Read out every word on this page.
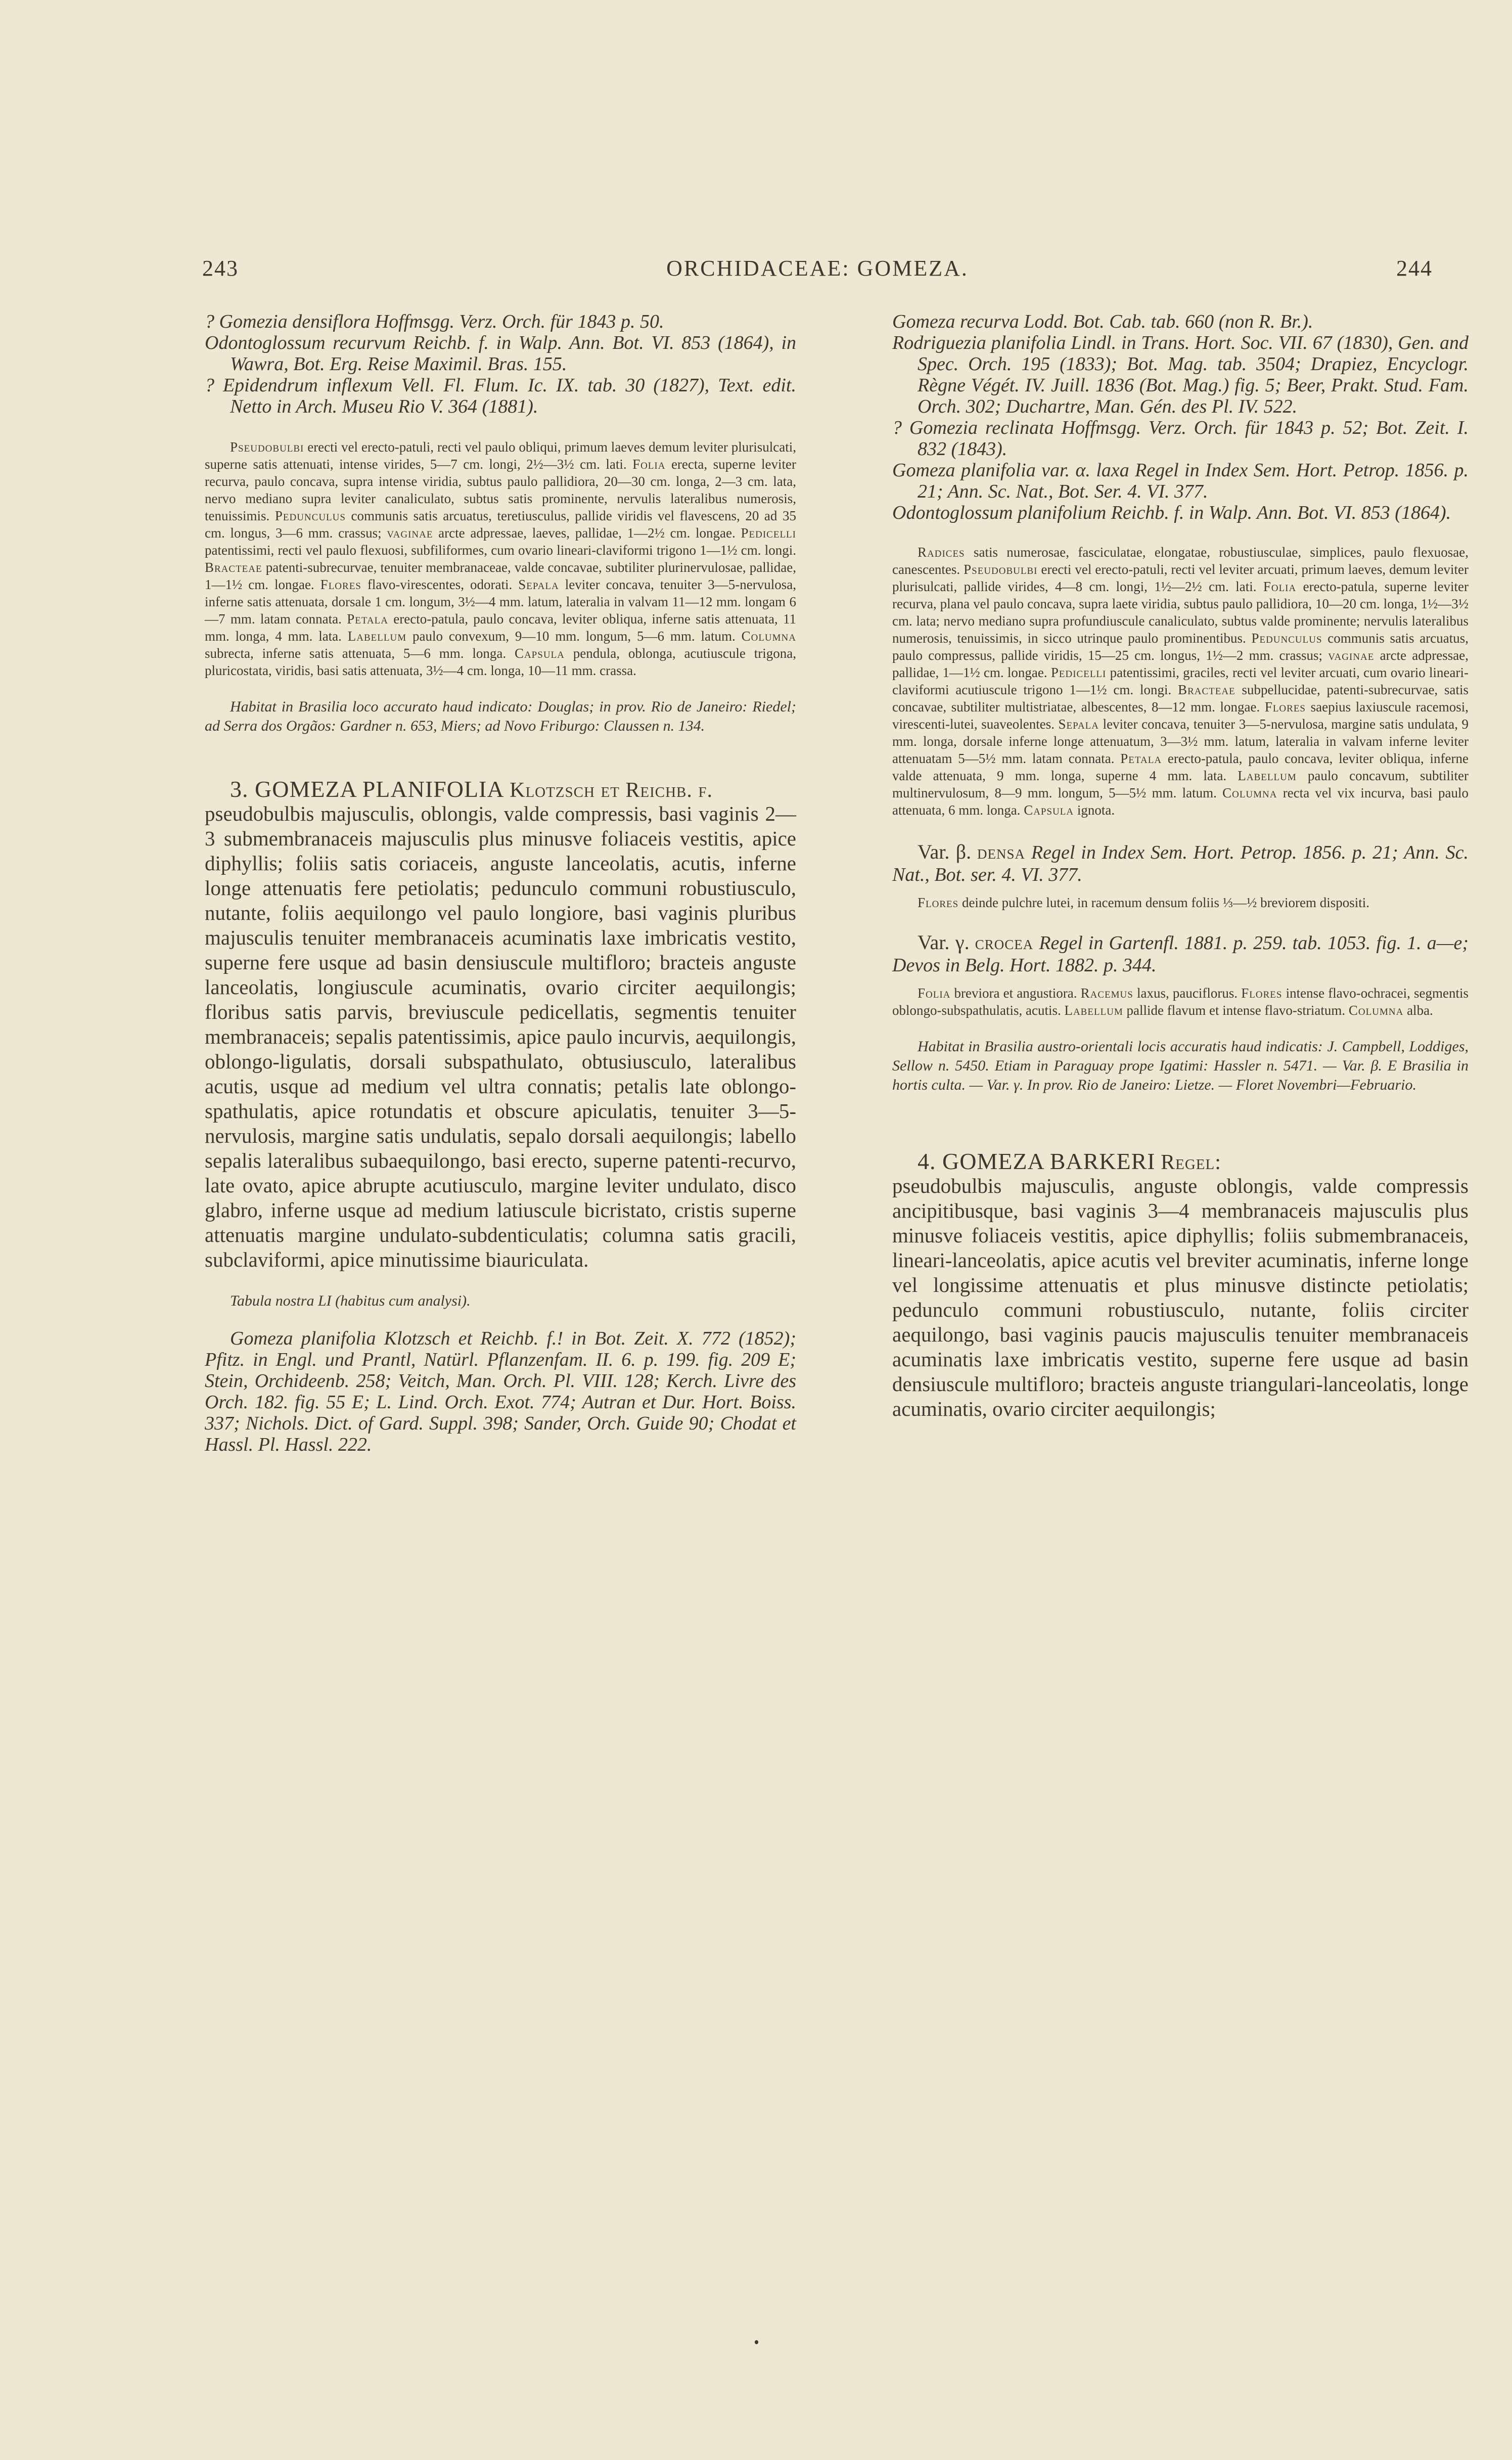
243	ORCHIDACEAE: GOMEZA.	244
? Gomezia densiflora Hoffmsgg. Verz. Orch. für 1843 p. 50.
Odontoglossum recurvum Reichb. f. in Walp. Ann. Bot. VI. 853 (1864), in Wawra, Bot. Erg. Reise Maximil. Bras. 155.
? Epidendrum inflexum Vell. Fl. Flum. Ic. IX. tab. 30 (1827), Text. edit. Netto in Arch. Museu Rio V. 364 (1881).

Pseudobulbi erecti vel erecto-patuli, recti vel paulo obliqui, primum laeves demum leviter plurisulcati, superne satis attenuati, intense virides, 5—7 cm. longi, 2½—3½ cm. lati. Folia erecta, superne leviter recurva, paulo concava, supra intense viridia, subtus paulo pallidiora, 20—30 cm. longa, 2—3 cm. lata, nervo mediano supra leviter canaliculato, subtus satis prominente, nervulis lateralibus numerosis, tenuissimis. Pedunculus communis satis arcuatus, teretiusculus, pallide viridis vel flavescens, 20 ad 35 cm. longus, 3—6 mm. crassus; vaginae arcte adpressae, laeves, pallidae, 1—2½ cm. longae. Pedicelli patentissimi, recti vel paulo flexuosi, subfiliformes, cum ovario lineari-claviformi trigono 1—1½ cm. longi. Bracteae patenti-subrecurvae, tenuiter membranaceae, valde concavae, subtiliter plurinervulosae, pallidae, 1—1½ cm. longae. Flores flavo-virescentes, odorati. Sepala leviter concava, tenuiter 3—5-nervulosa, inferne satis attenuata, dorsale 1 cm. longum, 3½—4 mm. latum, lateralia in valvam 11—12 mm. longam 6—7 mm. latam connata. Petala erecto-patula, paulo concava, leviter obliqua, inferne satis attenuata, 11 mm. longa, 4 mm. lata. Labellum paulo convexum, 9—10 mm. longum, 5—6 mm. latum. Columna subrecta, inferne satis attenuata, 5—6 mm. longa. Capsula pendula, oblonga, acutiuscule trigona, pluricostata, viridis, basi satis attenuata, 3½—4 cm. longa, 10—11 mm. crassa.

Habitat in Brasilia loco accurato haud indicato: Douglas; in prov. Rio de Janeiro: Riedel; ad Serra dos Orgãos: Gardner n. 653, Miers; ad Novo Friburgo: Claussen n. 134.

3. GOMEZA PLANIFOLIA Klotzsch et Reichb. f.

pseudobulbis majusculis, oblongis, valde compressis, basi vaginis 2—3 submembranaceis majusculis plus minusve foliaceis vestitis, apice diphyllis; foliis satis coriaceis, anguste lanceolatis, acutis, inferne longe attenuatis fere petiolatis; pedunculo communi robustiusculo, nutante, foliis aequilongo vel paulo longiore, basi vaginis pluribus majusculis tenuiter membranaceis acuminatis laxe imbricatis vestito, superne fere usque ad basin densiuscule multifloro; bracteis anguste lanceolatis, longiuscule acuminatis, ovario circiter aequilongis; floribus satis parvis, breviuscule pedicellatis, segmentis tenuiter membranaceis; sepalis patentissimis, apice paulo incurvis, aequilongis, oblongo-ligulatis, dorsali subspathulato, obtusiusculo, lateralibus acutis, usque ad medium vel ultra connatis; petalis late oblongo-spathulatis, apice rotundatis et obscure apiculatis, tenuiter 3—5-nervulosis, margine satis undulatis, sepalo dorsali aequilongis; labello sepalis lateralibus subaequilongo, basi erecto, superne patenti-recurvo, late ovato, apice abrupte acutiusculo, margine leviter undulato, disco glabro, inferne usque ad medium latiuscule bicristato, cristis superne attenuatis margine undulato-subdenticulatis; columna satis gracili, subclaviformi, apice minutissime biauriculata.

Tabula nostra LI (habitus cum analysi).

Gomeza planifolia Klotzsch et Reichb. f.! in Bot. Zeit. X. 772 (1852); Pfitz. in Engl. und Prantl, Natürl. Pflanzenfam. II. 6. p. 199. fig. 209 E; Stein, Orchideenb. 258; Veitch, Man. Orch. Pl. VIII. 128; Kerch. Livre des Orch. 182. fig. 55 E; L. Lind. Orch. Exot. 774; Autran et Dur. Hort. Boiss. 337; Nichols. Dict. of Gard. Suppl. 398; Sander, Orch. Guide 90; Chodat et Hassl. Pl. Hassl. 222.

Gomeza recurva Lodd. Bot. Cab. tab. 660 (non R. Br.).
Rodriguezia planifolia Lindl. in Trans. Hort. Soc. VII. 67 (1830), Gen. and Spec. Orch. 195 (1833); Bot. Mag. tab. 3504; Drapiez, Encyclogr. Règne Végét. IV. Juill. 1836 (Bot. Mag.) fig. 5; Beer, Prakt. Stud. Fam. Orch. 302; Duchartre, Man. Gén. des Pl. IV. 522.
? Gomezia reclinata Hoffmsgg. Verz. Orch. für 1843 p. 52; Bot. Zeit. I. 832 (1843).
Gomeza planifolia var. α. laxa Regel in Index Sem. Hort. Petrop. 1856. p. 21; Ann. Sc. Nat., Bot. Ser. 4. VI. 377.
Odontoglossum planifolium Reichb. f. in Walp. Ann. Bot. VI. 853 (1864).

Radices satis numerosae, fasciculatae, elongatae, robustiusculae, simplices, paulo flexuosae, canescentes. Pseudobulbi erecti vel erecto-patuli, recti vel leviter arcuati, primum laeves, demum leviter plurisulcati, pallide virides, 4—8 cm. longi, 1½—2½ cm. lati. Folia erecto-patula, superne leviter recurva, plana vel paulo concava, supra laete viridia, subtus paulo pallidiora, 10—20 cm. longa, 1½—3½ cm. lata; nervo mediano supra profundiuscule canaliculato, subtus valde prominente; nervulis lateralibus numerosis, tenuissimis, in sicco utrinque paulo prominentibus. Pedunculus communis satis arcuatus, paulo compressus, pallide viridis, 15—25 cm. longus, 1½—2 mm. crassus; vaginae arcte adpressae, pallidae, 1—1½ cm. longae. Pedicelli patentissimi, graciles, recti vel leviter arcuati, cum ovario lineari-claviformi acutiuscule trigono 1—1½ cm. longi. Bracteae subpellucidae, patenti-subrecurvae, satis concavae, subtiliter multistriatae, albescentes, 8—12 mm. longae. Flores saepius laxiuscule racemosi, virescenti-lutei, suaveolentes. Sepala leviter concava, tenuiter 3—5-nervulosa, margine satis undulata, 9 mm. longa, dorsale inferne longe attenuatum, 3—3½ mm. latum, lateralia in valvam inferne leviter attenuatam 5—5½ mm. latam connata. Petala erecto-patula, paulo concava, leviter obliqua, inferne valde attenuata, 9 mm. longa, superne 4 mm. lata. Labellum paulo concavum, subtiliter multinervulosum, 8—9 mm. longum, 5—5½ mm. latum. Columna recta vel vix incurva, basi paulo attenuata, 6 mm. longa. Capsula ignota.

Var. β. densa Regel in Index Sem. Hort. Petrop. 1856. p. 21; Ann. Sc. Nat., Bot. ser. 4. VI. 377.

Flores deinde pulchre lutei, in racemum densum foliis ⅓—½ breviorem dispositi.

Var. γ. crocea Regel in Gartenfl. 1881. p. 259. tab. 1053. fig. 1. a—e; Devos in Belg. Hort. 1882. p. 344.

Folia breviora et angustiora. Racemus laxus, pauciflorus. Flores intense flavo-ochracei, segmentis oblongo-subspathulatis, acutis. Labellum pallide flavum et intense flavo-striatum. Columna alba.

Habitat in Brasilia austro-orientali locis accuratis haud indicatis: J. Campbell, Loddiges, Sellow n. 5450. Etiam in Paraguay prope Igatimi: Hassler n. 5471. — Var. β. E Brasilia in hortis culta. — Var. γ. In prov. Rio de Janeiro: Lietze. — Floret Novembri—Februario.

4. GOMEZA BARKERI Regel:

pseudobulbis majusculis, anguste oblongis, valde compressis ancipitibusque, basi vaginis 3—4 membranaceis majusculis plus minusve foliaceis vestitis, apice diphyllis; foliis submembranaceis, lineari-lanceolatis, apice acutis vel breviter acuminatis, inferne longe vel longissime attenuatis et plus minusve distincte petiolatis; pedunculo communi robustiusculo, nutante, foliis circiter aequilongo, basi vaginis paucis majusculis tenuiter membranaceis acuminatis laxe imbricatis vestito, superne fere usque ad basin densiuscule multifloro; bracteis anguste triangulari-lanceolatis, longe acuminatis, ovario circiter aequilongis;
